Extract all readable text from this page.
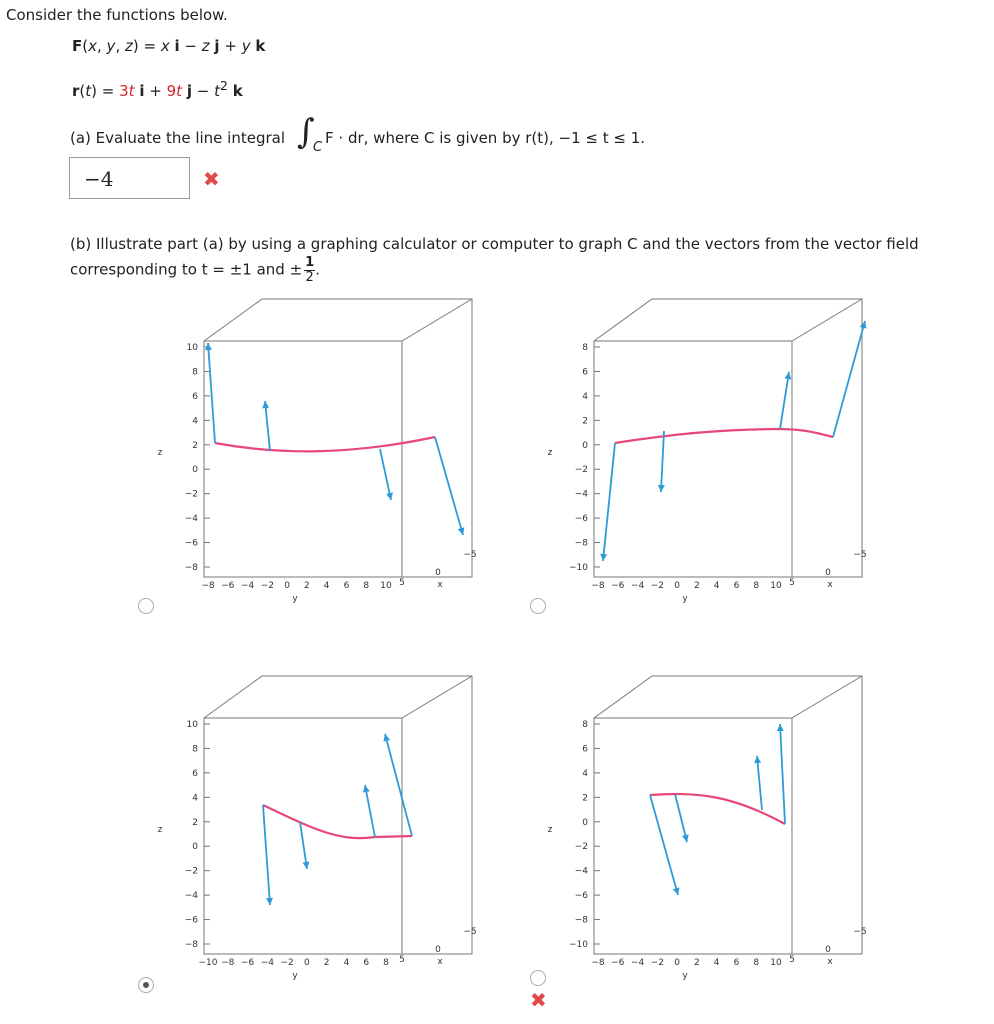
Consider the functions below.
F(x, y, z) = x i − z j + y k
r(t) = 3t i + 9t $j - t^2$ k
(a) Evaluate the line integral ∫
C
F · dr, where C is given by r(t), −1 ≤ t ≤ 1.
−4	✖
(b) Illustrate part (a) by using a graphing calculator or computer to graph C and the vectors from the vector field
corresponding to t = ±1 and ± $\frac{1}{2}$ .
10
8
6
4
2
0
−2
−4
−6
−8
z
−8 −6 −4 −2 0 2 4 6 8 10
y
5
0
−5
x
8
6
4
2
0
−2
−4
−6
−8
−10
z
−8 −6 −4 −2 0 2 4 6 8 10
y
5
0
−5
x
10
8
6
4
2
0
−2
−4
−6
−8
z
−10 −8 −6 −4 −2 0 2 4 6 8
y
5
0
−5
x
8
6
4
2
0
−2
−4
−6
−8
−10
z
−8 −6 −4 −2 0 2 4 6 8 10
y
5
0
−5
x
✖
